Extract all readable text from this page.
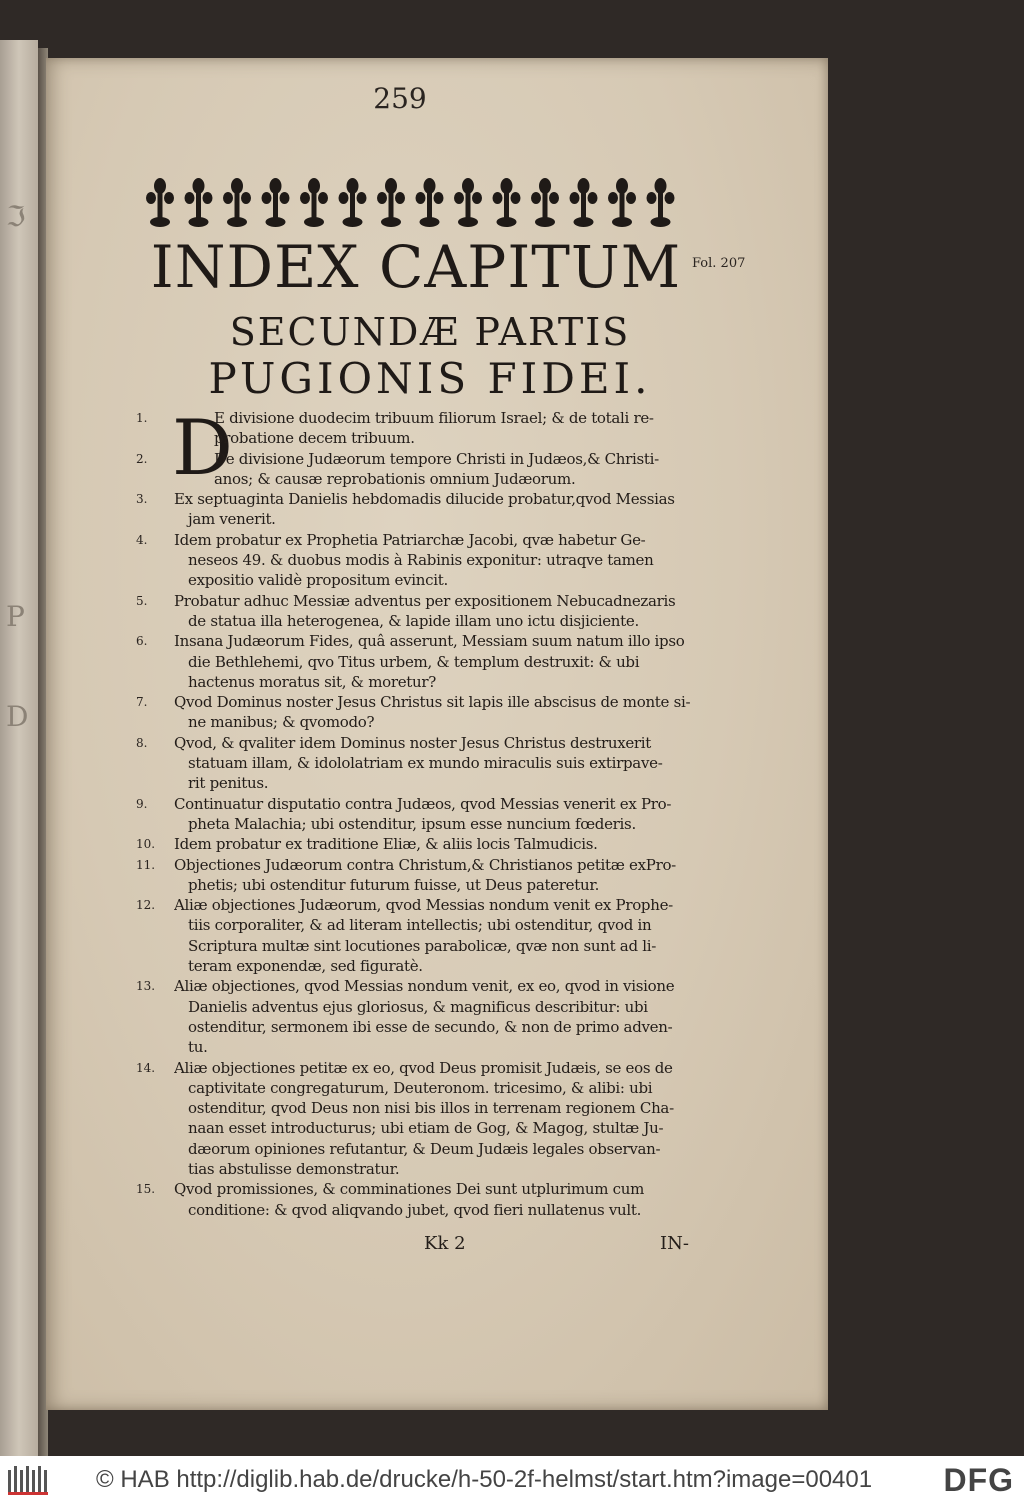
ℑ
P
D
259
INDEX CAPITUM Fol. 207
SECUNDÆ PARTIS
PUGIONIS FIDEI.
D
1.	E divisione duodecim tribuum filiorum Israel; & de totali re-
probatione decem tribuum.
2.	De divisione Judæorum tempore Christi in Judæos,& Christi-
anos; & causæ reprobationis omnium Judæorum.
3.	Ex septuaginta Danielis hebdomadis dilucide probatur,qvod Messias
jam venerit.
4.	Idem probatur ex Prophetia Patriarchæ Jacobi, qvæ habetur Ge-
neseos 49. & duobus modis à Rabinis exponitur: utraqve tamen
expositio validè propositum evincit.
5.	Probatur adhuc Messiæ adventus per expositionem Nebucadnezaris
de statua illa heterogenea, & lapide illam uno ictu disjiciente.
6.	Insana Judæorum Fides, quâ asserunt, Messiam suum natum illo ipso
die Bethlehemi, qvo Titus urbem, & templum destruxit: & ubi
hactenus moratus sit, & moretur?
7.	Qvod Dominus noster Jesus Christus sit lapis ille abscisus de monte si-
ne manibus; & qvomodo?
8.	Qvod, & qvaliter idem Dominus noster Jesus Christus destruxerit
statuam illam, & idololatriam ex mundo miraculis suis extirpave-
rit penitus.
9.	Continuatur disputatio contra Judæos, qvod Messias venerit ex Pro-
pheta Malachia; ubi ostenditur, ipsum esse nuncium fœderis.
10.	Idem probatur ex traditione Eliæ, & aliis locis Talmudicis.
11.	Objectiones Judæorum contra Christum,& Christianos petitæ exPro-
phetis; ubi ostenditur futurum fuisse, ut Deus pateretur.
12.	Aliæ objectiones Judæorum, qvod Messias nondum venit ex Prophe-
tiis corporaliter, & ad literam intellectis; ubi ostenditur, qvod in
Scriptura multæ sint locutiones parabolicæ, qvæ non sunt ad li-
teram exponendæ, sed figuratè.
13.	Aliæ objectiones, qvod Messias nondum venit, ex eo, qvod in visione
Danielis adventus ejus gloriosus, & magnificus describitur: ubi
ostenditur, sermonem ibi esse de secundo, & non de primo adven-
tu.
14.	Aliæ objectiones petitæ ex eo, qvod Deus promisit Judæis, se eos de
captivitate congregaturum, Deuteronom. tricesimo, & alibi: ubi
ostenditur, qvod Deus non nisi bis illos in terrenam regionem Cha-
naan esset introducturus; ubi etiam de Gog, & Magog, stultæ Ju-
dæorum opiniones refutantur, & Deum Judæis legales observan-
tias abstulisse demonstratur.
15.	Qvod promissiones, & comminationes Dei sunt utplurimum cum
conditione: & qvod aliqvando jubet, qvod fieri nullatenus vult.
Kk 2	IN-
© HAB http://diglib.hab.de/drucke/h-50-2f-helmst/start.htm?image=00401 DFG
